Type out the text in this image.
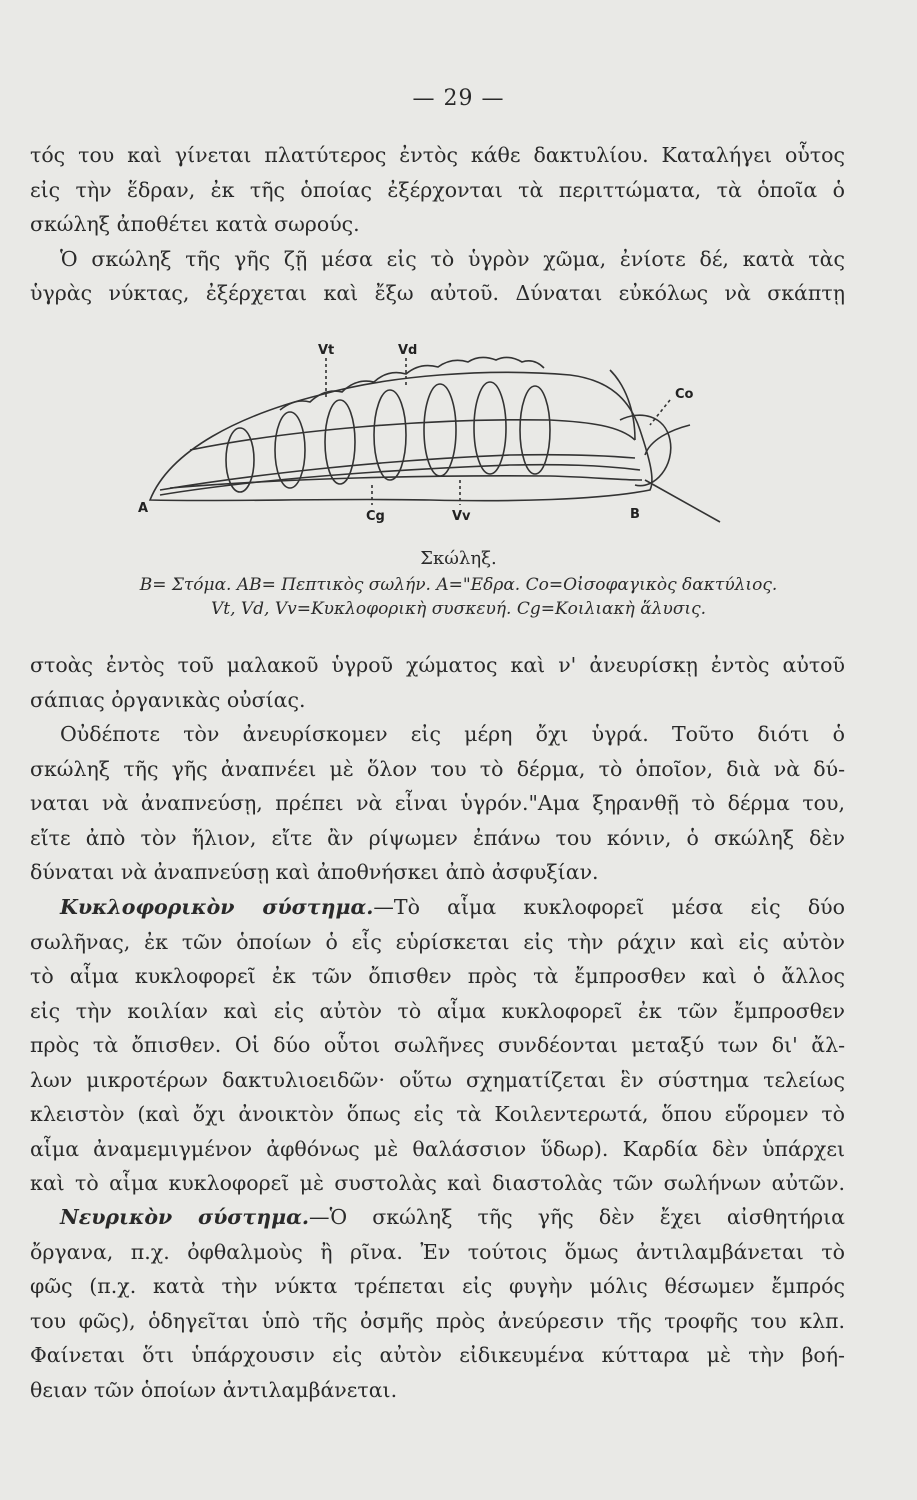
— 29 —
τός του καὶ γίνεται πλατύτερος ἐντὸς κάθε δακτυλίου. Καταλήγει οὗτος
εἰς τὴν ἕδραν, ἐκ τῆς ὁποίας ἐξέρχονται τὰ περιττώματα, τὰ ὁποῖα ὁ
σκώληξ ἀποθέτει κατὰ σωρούς.
Ὁ σκώληξ τῆς γῆς ζῇ μέσα εἰς τὸ ὑγρὸν χῶμα, ἐνίοτε δέ, κατὰ τὰς
ὑγρὰς νύκτας, ἐξέρχεται καὶ ἔξω αὐτοῦ. Δύναται εὐκόλως νὰ σκάπτῃ
Vt	Vd
Co
A
Cg	Vv	B
Σκώληξ.
B= Στόμα. AB= Πεπτικὸς σωλήν. A="Εδρα. Co=Οἰσοφαγικὸς δακτύλιος.
Vt, Vd, Vv=Κυκλοφορικὴ συσκευή. Cg=Κοιλιακὴ ἅλυσις.
στοὰς ἐντὸς τοῦ μαλακοῦ ὑγροῦ χώματος καὶ ν' ἀνευρίσκῃ ἐντὸς αὐτοῦ
σάπιας ὀργανικὰς οὐσίας.
Οὐδέποτε τὸν ἀνευρίσκομεν εἰς μέρη ὄχι ὑγρά. Τοῦτο διότι ὁ
σκώληξ τῆς γῆς ἀναπνέει μὲ ὅλον του τὸ δέρμα, τὸ ὁποῖον, διὰ νὰ δύ-
ναται νὰ ἀναπνεύσῃ, πρέπει νὰ εἶναι ὑγρόν."Αμα ξηρανθῇ τὸ δέρμα του,
εἴτε ἀπὸ τὸν ἥλιον, εἴτε ἂν ρίψωμεν ἐπάνω του κόνιν, ὁ σκώληξ δὲν
δύναται νὰ ἀναπνεύσῃ καὶ ἀποθνήσκει ἀπὸ ἀσφυξίαν.
Κυκλοφορικὸν σύστημα.—Τὸ αἷμα κυκλοφορεῖ μέσα εἰς δύο
σωλῆνας, ἐκ τῶν ὁποίων ὁ εἷς εὑρίσκεται εἰς τὴν ράχιν καὶ εἰς αὐτὸν
τὸ αἷμα κυκλοφορεῖ ἐκ τῶν ὄπισθεν πρὸς τὰ ἔμπροσθεν καὶ ὁ ἄλλος
εἰς τὴν κοιλίαν καὶ εἰς αὐτὸν τὸ αἷμα κυκλοφορεῖ ἐκ τῶν ἔμπροσθεν
πρὸς τὰ ὄπισθεν. Οἱ δύο οὗτοι σωλῆνες συνδέονται μεταξύ των δι' ἄλ-
λων μικροτέρων δακτυλιοειδῶν· οὕτω σχηματίζεται ἓν σύστημα τελείως
κλειστὸν (καὶ ὄχι ἀνοικτὸν ὅπως εἰς τὰ Κοιλεντερωτά, ὅπου εὕρομεν τὸ
αἷμα ἀναμεμιγμένον ἀφθόνως μὲ θαλάσσιον ὕδωρ). Καρδία δὲν ὑπάρχει
καὶ τὸ αἷμα κυκλοφορεῖ μὲ συστολὰς καὶ διαστολὰς τῶν σωλήνων αὐτῶν.
Νευρικὸν σύστημα.—Ὁ σκώληξ τῆς γῆς δὲν ἔχει αἰσθητήρια
ὄργανα, π.χ. ὀφθαλμοὺς ἢ ρῖνα. Ἐν τούτοις ὅμως ἀντιλαμβάνεται τὸ
φῶς (π.χ. κατὰ τὴν νύκτα τρέπεται εἰς φυγὴν μόλις θέσωμεν ἔμπρός
του φῶς), ὁδηγεῖται ὑπὸ τῆς ὀσμῆς πρὸς ἀνεύρεσιν τῆς τροφῆς του κλπ.
Φαίνεται ὅτι ὑπάρχουσιν εἰς αὐτὸν εἰδικευμένα κύτταρα μὲ τὴν βοή-
θειαν τῶν ὁποίων ἀντιλαμβάνεται.
